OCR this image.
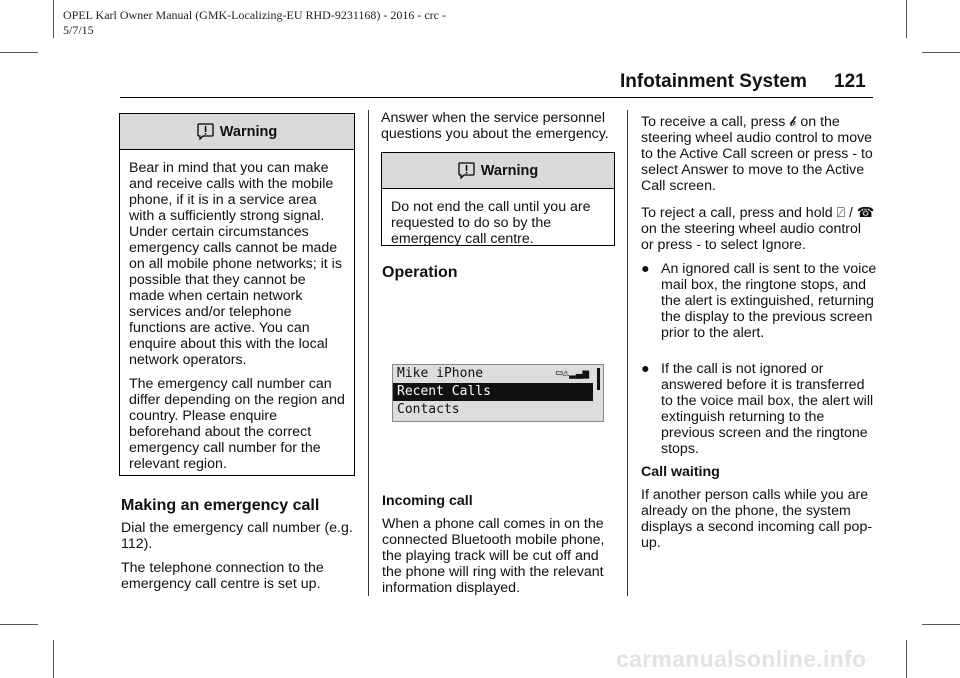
OPEL Karl Owner Manual (GMK-Localizing-EU RHD-9231168) - 2016 - crc -
5/7/15
Infotainment System 121
Warning

Bear in mind that you can make and receive calls with the mobile phone, if it is in a service area with a sufficiently strong signal. Under certain circumstances emergency calls cannot be made on all mobile phone networks; it is possible that they cannot be made when certain network services and/or telephone functions are active. You can enquire about this with the local network operators.

The emergency call number can differ depending on the region and country. Please enquire beforehand about the correct emergency call number for the relevant region.

Making an emergency call

Dial the emergency call number (e.g. 112).

The telephone connection to the emergency call centre is set up.

Answer when the service personnel questions you about the emergency.

Warning

Do not end the call until you are requested to do so by the emergency call centre.

Operation
Mike iPhone	▭⚠▂▃▅
Recent Calls
Contacts
Incoming call

When a phone call comes in on the connected Bluetooth mobile phone, the playing track will be cut off and the phone will ring with the relevant information displayed.

To receive a call, press 𝓫 on the steering wheel audio control to move to the Active Call screen or press - to select Answer to move to the Active Call screen.
To reject a call, press and hold ⍁ / ☎ on the steering wheel audio control or press - to select Ignore.
● An ignored call is sent to the voice mail box, the ringtone stops, and the alert is extinguished, returning the display to the previous screen prior to the alert.
● If the call is not ignored or answered before it is transferred to the voice mail box, the alert will extinguish returning to the previous screen and the ringtone stops.
Call waiting

If another person calls while you are already on the phone, the system displays a second incoming call pop-up.

carmanualsonline.info
